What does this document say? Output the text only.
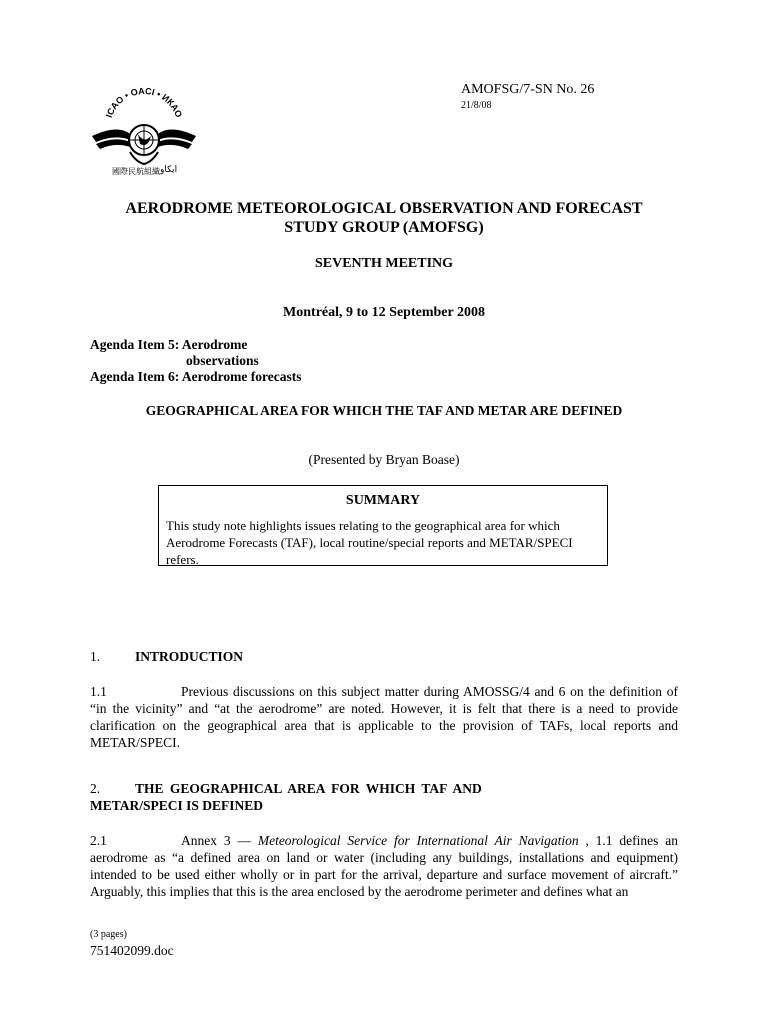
ICAO • OACI • ИКАО
國際民航組織 ايكاو
AMOFSG/7-SN No. 26
21/8/08
AERODROME METEOROLOGICAL OBSERVATION AND FORECAST
STUDY GROUP (AMOFSG)
SEVENTH MEETING
Montréal, 9 to 12 September 2008
Agenda Item 5: Aerodrome
observations
Agenda Item 6: Aerodrome forecasts
GEOGRAPHICAL AREA FOR WHICH THE TAF AND METAR ARE DEFINED
(Presented by Bryan Boase)
SUMMARY
This study note highlights issues relating to the geographical area for which Aerodrome Forecasts (TAF), local routine/special reports and METAR/SPECI refers.
1.	INTRODUCTION
1.1	Previous discussions on this subject matter during AMOSSG/4 and 6 on the definition of “in the vicinity” and “at the aerodrome” are noted. However, it is felt that there is a need to provide clarification on the geographical area that is applicable to the provision of TAFs, local reports and METAR/SPECI.
2.	THE GEOGRAPHICAL AREA FOR WHICH TAF AND
METAR/SPECI IS DEFINED
2.1	Annex 3 — Meteorological Service for International Air Navigation , 1.1 defines an aerodrome as “a defined area on land or water (including any buildings, installations and equipment) intended to be used either wholly or in part for the arrival, departure and surface movement of aircraft.” Arguably, this implies that this is the area enclosed by the aerodrome perimeter and defines what an
(3 pages)
751402099.doc
